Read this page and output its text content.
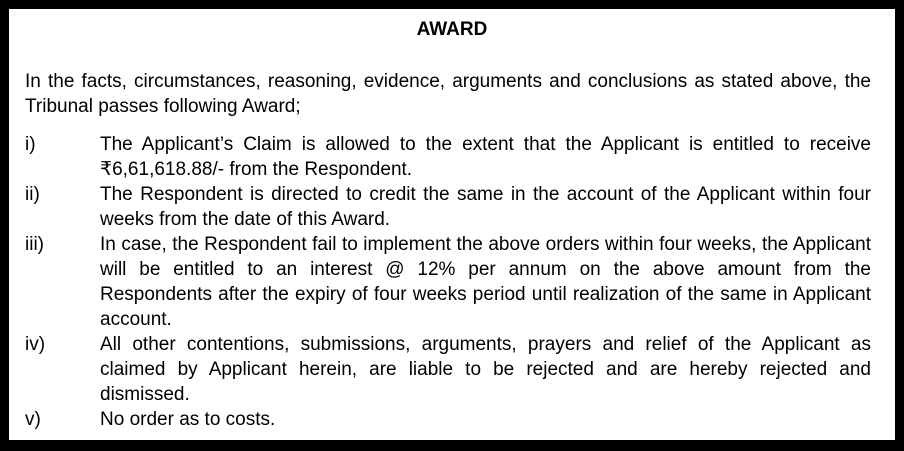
AWARD
In the facts, circumstances, reasoning, evidence, arguments and conclusions as stated above, the Tribunal passes following Award;
i)	The Applicant’s Claim is allowed to the extent that the Applicant is entitled to receive ₹6,61,618.88/- from the Respondent.
ii)	The Respondent is directed to credit the same in the account of the Applicant within four weeks from the date of this Award.
iii)	In case, the Respondent fail to implement the above orders within four weeks, the Applicant will be entitled to an interest @ 12% per annum on the above amount from the Respondents after the expiry of four weeks period until realization of the same in Applicant account.
iv)	All other contentions, submissions, arguments, prayers and relief of the Applicant as claimed by Applicant herein, are liable to be rejected and are hereby rejected and dismissed.
v)	No order as to costs.
